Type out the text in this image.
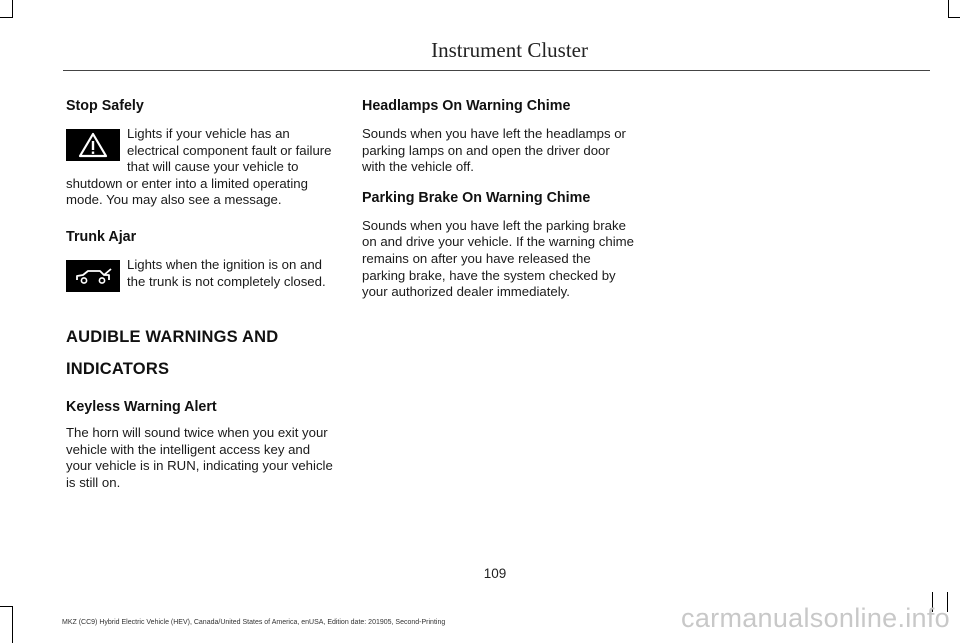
Instrument Cluster
Stop Safely

Lights if your vehicle has an electrical component fault or failure that will cause your vehicle to shutdown or enter into a limited operating mode. You may also see a message.

Trunk Ajar

Lights when the ignition is on and the trunk is not completely closed.

AUDIBLE WARNINGS AND
INDICATORS
Keyless Warning Alert

The horn will sound twice when you exit your vehicle with the intelligent access key and your vehicle is in RUN, indicating your vehicle is still on.

Headlamps On Warning Chime

Sounds when you have left the headlamps or parking lamps on and open the driver door with the vehicle off.

Parking Brake On Warning Chime

Sounds when you have left the parking brake on and drive your vehicle. If the warning chime remains on after you have released the parking brake, have the system checked by your authorized dealer immediately.

109
MKZ (CC9) Hybrid Electric Vehicle (HEV), Canada/United States of America, enUSA, Edition date: 201905, Second-Printing	carmanualsonline.info
